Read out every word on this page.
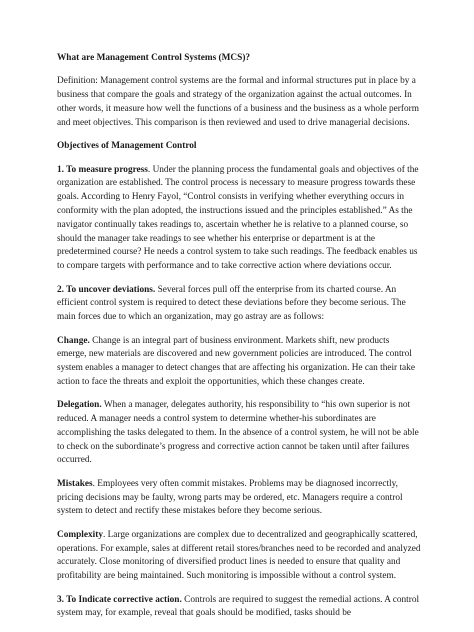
What are Management Control Systems (MCS)?

Definition: Management control systems are the formal and informal structures put in place by a business that compare the goals and strategy of the organization against the actual outcomes. In other words, it measure how well the functions of a business and the business as a whole perform and meet objectives. This comparison is then reviewed and used to drive managerial decisions.

Objectives of Management Control

1. To measure progress. Under the planning process the fundamental goals and objectives of the organization are established. The control process is necessary to measure progress towards these goals. According to Henry Fayol, “Control consists in verifying whether everything occurs in conformity with the plan adopted, the instructions issued and the principles established.” As the navigator continually takes readings to, ascertain whether he is relative to a planned course, so should the manager take readings to see whether his enterprise or department is at the predetermined course? He needs a control system to take such readings. The feedback enables us to compare targets with performance and to take corrective action where deviations occur.

2. To uncover deviations. Several forces pull off the enterprise from its charted course. An efficient control system is required to detect these deviations before they become serious. The main forces due to which an organization, may go astray are as follows:

Change. Change is an integral part of business environment. Markets shift, new products emerge, new materials are discovered and new government policies are introduced. The control system enables a manager to detect changes that are affecting his organization. He can their take action to face the threats and exploit the opportunities, which these changes create.

Delegation. When a manager, delegates authority, his responsibility to “his own superior is not reduced. A manager needs a control system to determine whether-his subordinates are accomplishing the tasks delegated to them. In the absence of a control system, he will not be able to check on the subordinate’s progress and corrective action cannot be taken until after failures occurred.

Mistakes. Employees very often commit mistakes. Problems may be diagnosed incorrectly, pricing decisions may be faulty, wrong parts may be ordered, etc. Managers require a control system to detect and rectify these mistakes before they become serious.

Complexity. Large organizations are complex due to decentralized and geographically scattered, operations. For example, sales at different retail stores/branches need to be recorded and analyzed accurately. Close monitoring of diversified product lines is needed to ensure that quality and profitability are being maintained. Such monitoring is impossible without a control system.

3. To Indicate corrective action. Controls are required to suggest the remedial actions. A control system may, for example, reveal that goals should be modified, tasks should be
